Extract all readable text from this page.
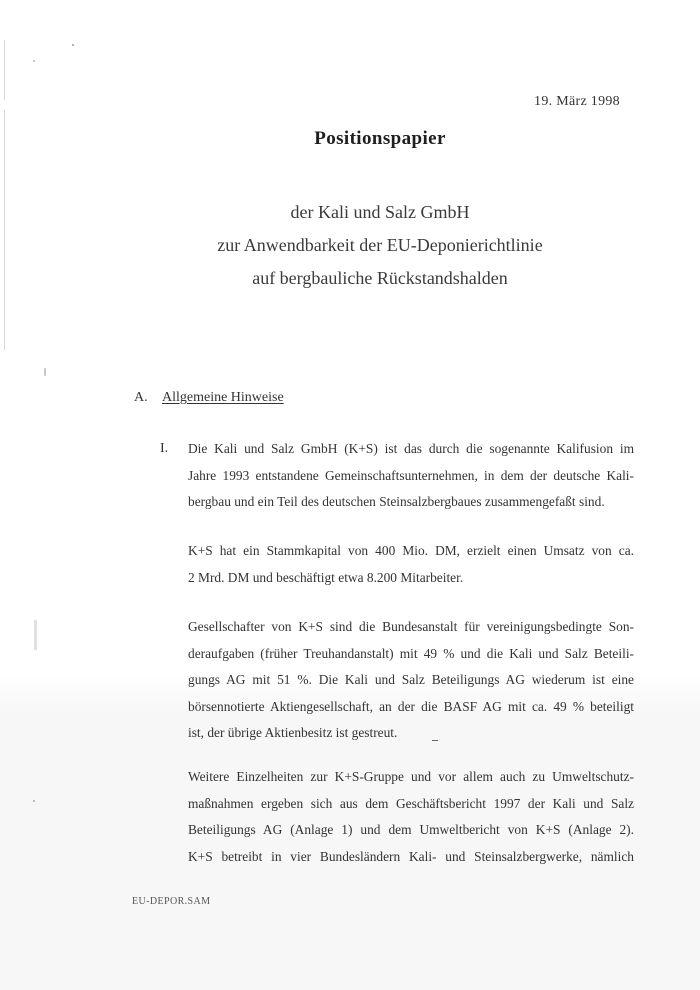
19. März 1998
Positionspapier
der Kali und Salz GmbH
zur Anwendbarkeit der EU-Deponierichtlinie
auf bergbauliche Rückstandshalden
A. Allgemeine Hinweise
I. Die Kali und Salz GmbH (K+S) ist das durch die sogenannte Kalifusion im
Jahre 1993 entstandene Gemeinschaftsunternehmen, in dem der deutsche Kali-
bergbau und ein Teil des deutschen Steinsalzbergbaues zusammengefaßt sind.
K+S hat ein Stammkapital von 400 Mio. DM, erzielt einen Umsatz von ca.
2 Mrd. DM und beschäftigt etwa 8.200 Mitarbeiter.
Gesellschafter von K+S sind die Bundesanstalt für vereinigungsbedingte Son-
deraufgaben (früher Treuhandanstalt) mit 49 % und die Kali und Salz Beteili-
gungs AG mit 51 %. Die Kali und Salz Beteiligungs AG wiederum ist eine
börsennotierte Aktiengesellschaft, an der die BASF AG mit ca. 49 % beteiligt
ist, der übrige Aktienbesitz ist gestreut.
Weitere Einzelheiten zur K+S-Gruppe und vor allem auch zu Umweltschutz-
maßnahmen ergeben sich aus dem Geschäftsbericht 1997 der Kali und Salz
Beteiligungs AG (Anlage 1) und dem Umweltbericht von K+S (Anlage 2).
K+S betreibt in vier Bundesländern Kali- und Steinsalzbergwerke, nämlich
EU-DEPOR.SAM
